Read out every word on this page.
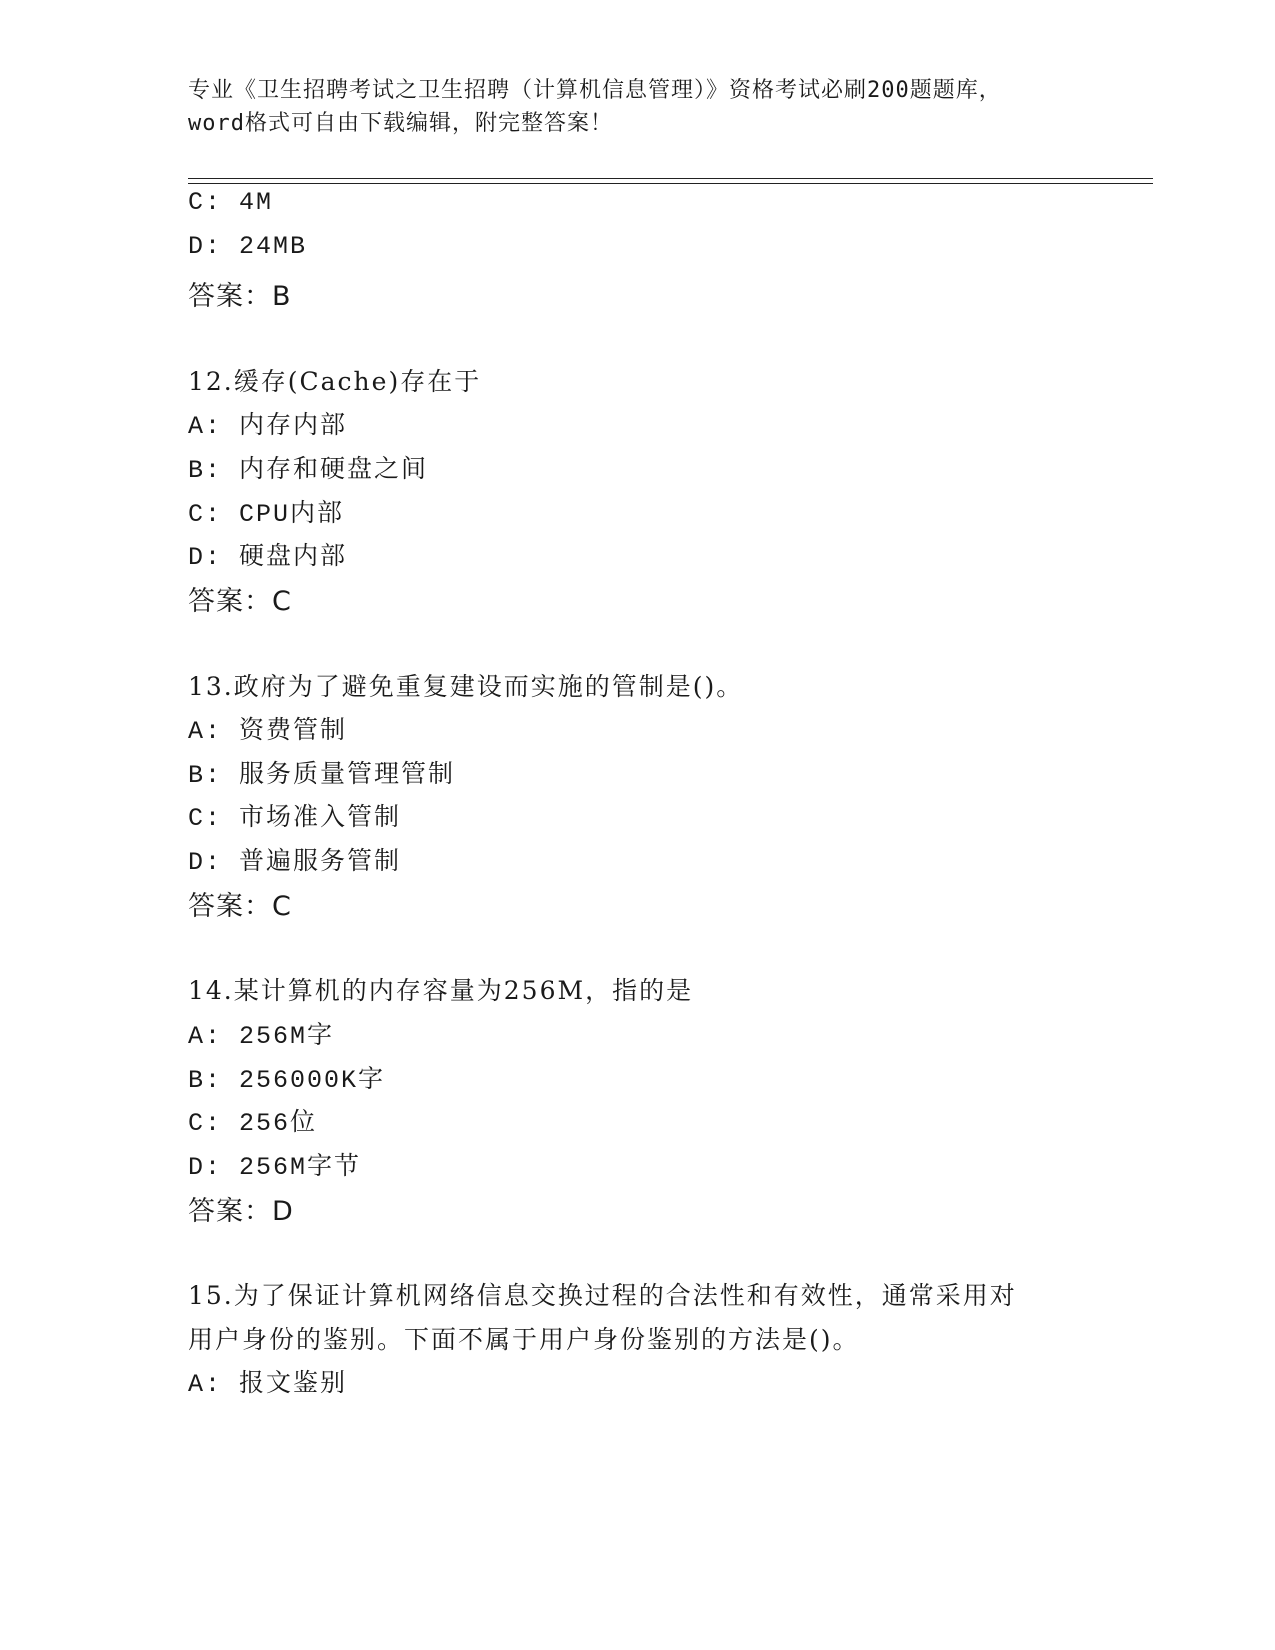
专业《卫生招聘考试之卫生招聘（计算机信息管理）》资格考试必刷200题题库，
word格式可自由下载编辑，附完整答案！
C: 4M
D: 24MB
答案：B
12.缓存(Cache)存在于
A: 内存内部
B: 内存和硬盘之间
C: CPU内部
D: 硬盘内部
答案：C
13.政府为了避免重复建设而实施的管制是()。
A: 资费管制
B: 服务质量管理管制
C: 市场准入管制
D: 普遍服务管制
答案：C
14.某计算机的内存容量为256M，指的是
A: 256M字
B: 256000K字
C: 256位
D: 256M字节
答案：D
15.为了保证计算机网络信息交换过程的合法性和有效性，通常采用对
用户身份的鉴别。下面不属于用户身份鉴别的方法是()。
A: 报文鉴别
